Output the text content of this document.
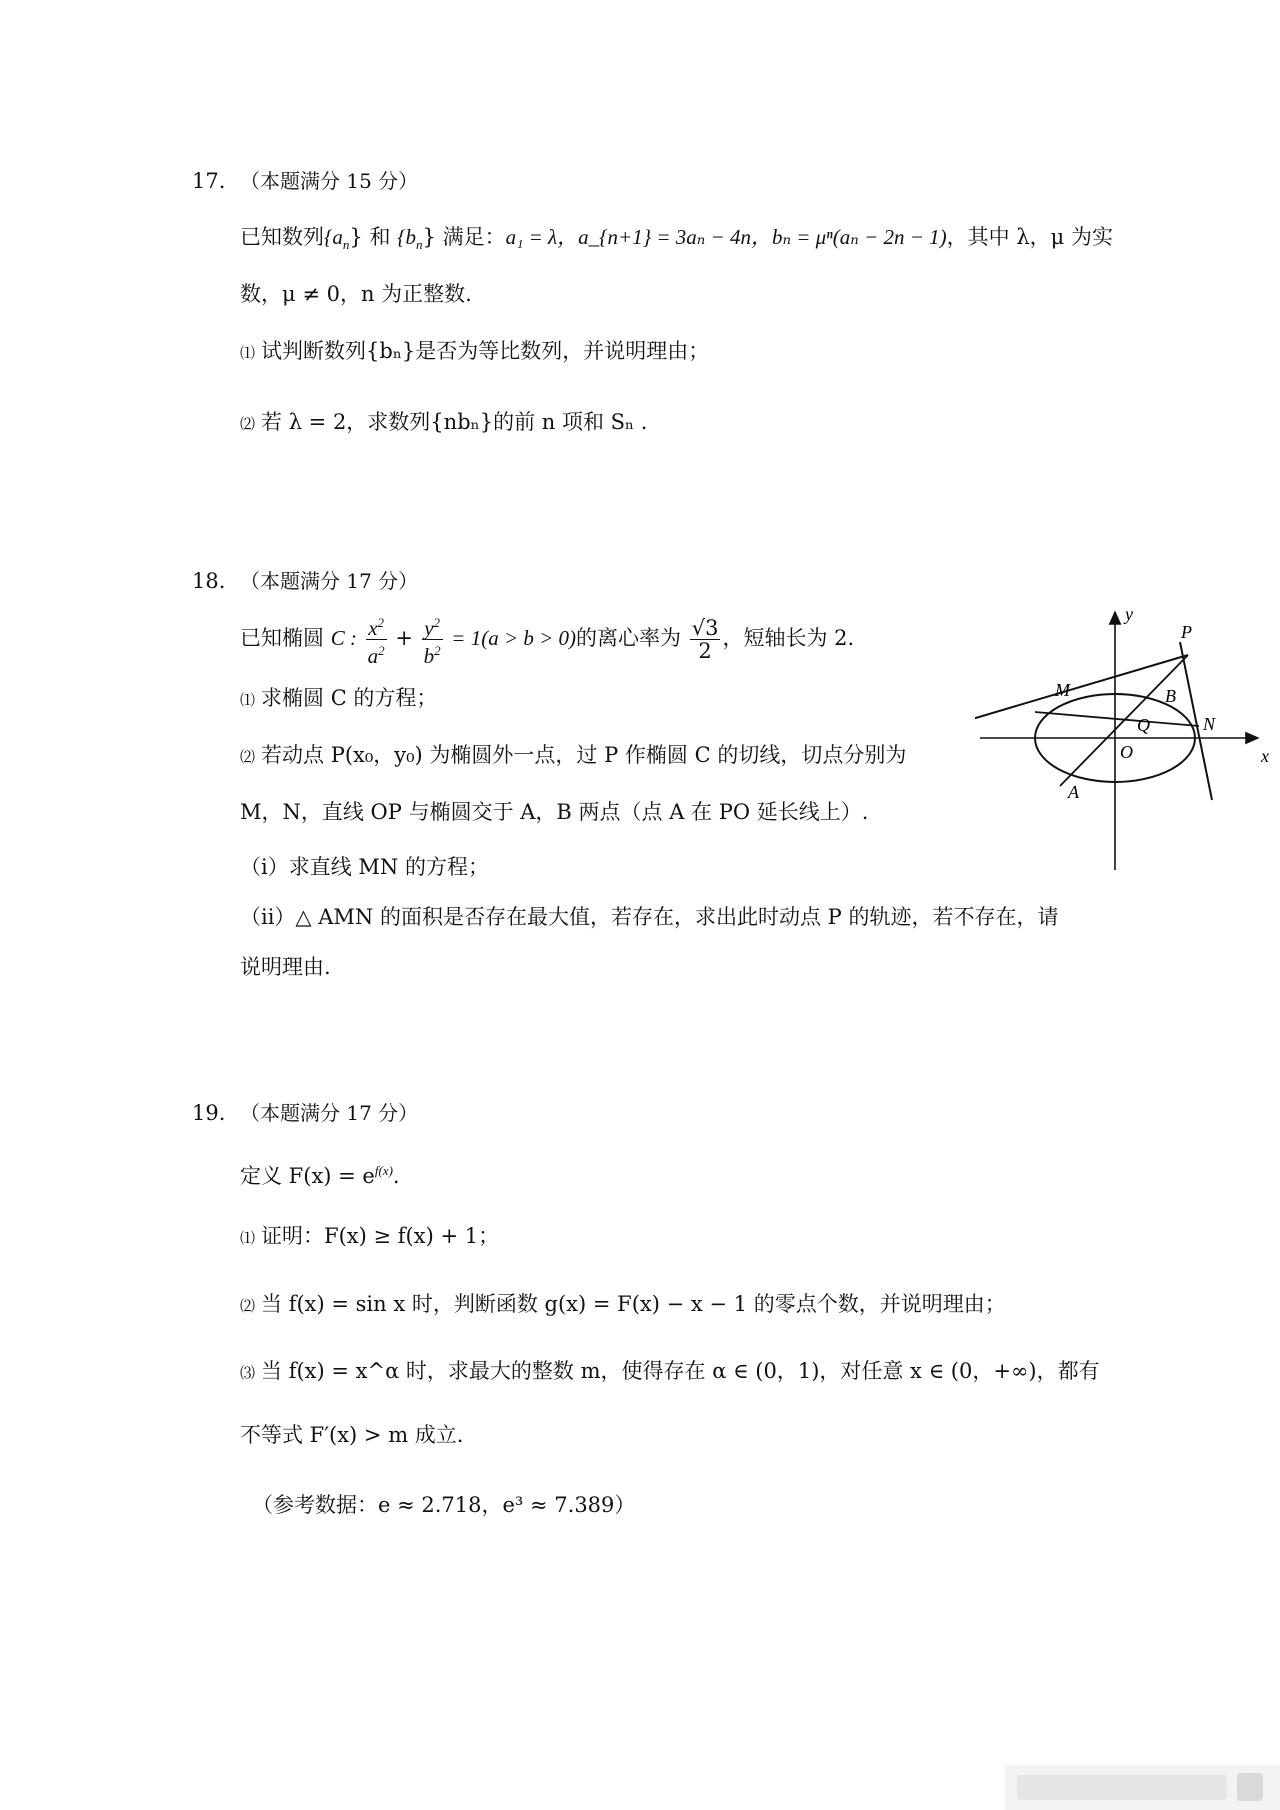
17. （本题满分 15 分）
已知数列$\{a_n\}$ 和 $\{b_n\}$ 满足：a₁ = λ，a_{n+1} = 3aₙ − 4n，bₙ = μⁿ(aₙ − 2n − 1)，其中 λ，μ 为实
数，μ ≠ 0，n 为正整数.
⑴ 试判断数列{bₙ}是否为等比数列，并说明理由；
⑵ 若 λ = 2，求数列{nbₙ}的前 n 项和 Sₙ .
18. （本题满分 17 分）
已知椭圆 C : $\frac{x^2}{a^2} + \frac{y^2}{b^2} = 1(a > b > 0)$的离心率为 $\frac{√3}{2}$ ，短轴长为 2.
⑴ 求椭圆 C 的方程；
⑵ 若动点 P(x₀，y₀) 为椭圆外一点，过 P 作椭圆 C 的切线，切点分别为
M，N，直线 OP 与椭圆交于 A，B 两点（点 A 在 PO 延长线上）.
（i）求直线 MN 的方程；
（ii）△ AMN 的面积是否存在最大值，若存在，求出此时动点 P 的轨迹，若不存在，请
说明理由.
y
x
P
M	B
Q	N
O
A
19. （本题满分 17 分）
定义 $F(x) = e^{f(x)}$.
⑴ 证明：F(x) ≥ f(x) + 1；
⑵ 当 f(x) = sin x 时，判断函数 g(x) = F(x) − x − 1 的零点个数，并说明理由；
⑶ 当 f(x) = x^α 时，求最大的整数 m，使得存在 α ∈ (0，1)，对任意 x ∈ (0，+∞)，都有
不等式 F′(x) > m 成立.
（参考数据：e ≈ 2.718，e³ ≈ 7.389）
